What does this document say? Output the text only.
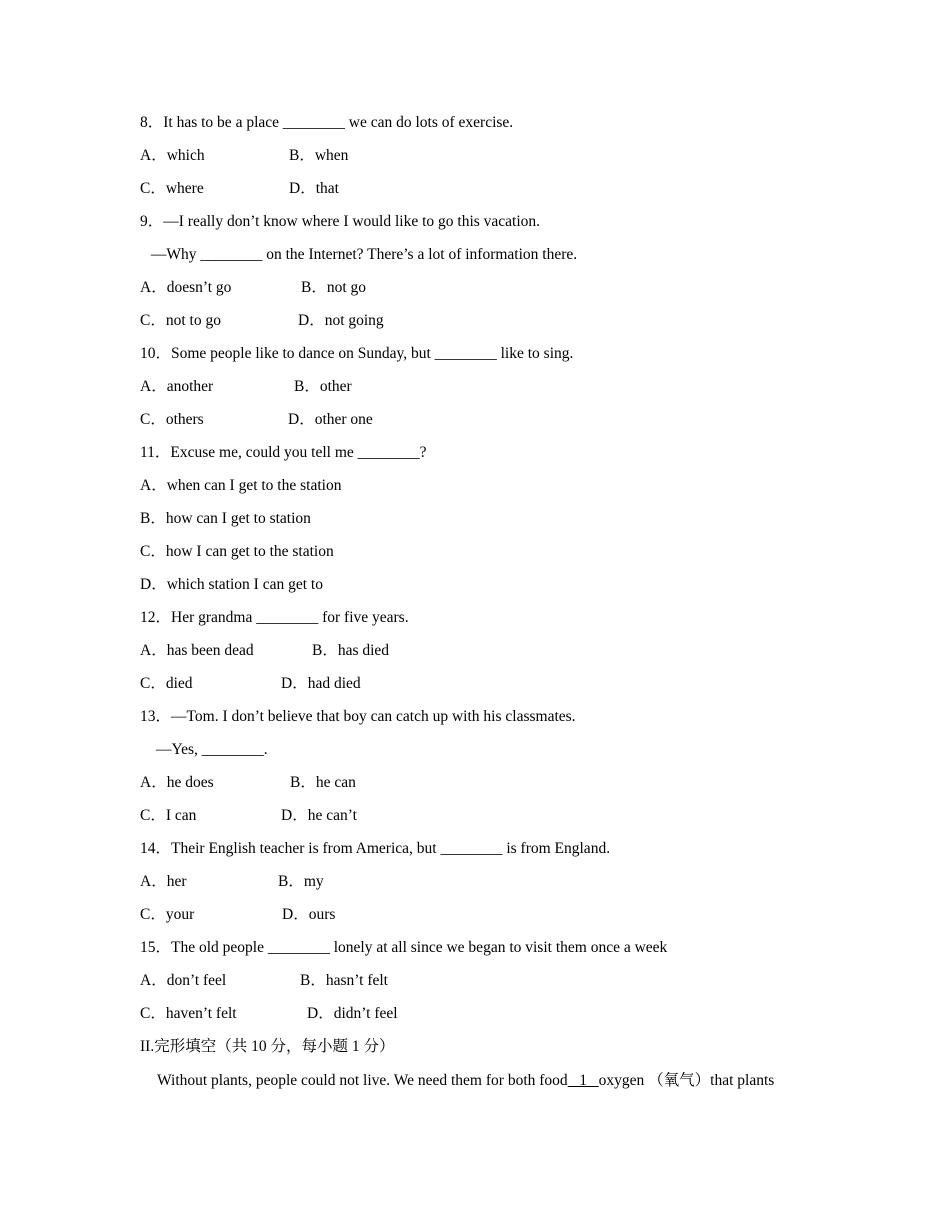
8．It has to be a place ________ we can do lots of exercise.
A．which	B．when
C．where	D．that
9．—I really don’t know where I would like to go this vacation.
—Why ________ on the Internet? There’s a lot of information there.
A．doesn’t go	B．not go
C．not to go	D．not going
10．Some people like to dance on Sunday, but ________ like to sing.
A．another	B．other
C．others	D．other one
11．Excuse me, could you tell me ________?
A．when can I get to the station
B．how can I get to station
C．how I can get to the station
D．which station I can get to
12．Her grandma ________ for five years.
A．has been dead	B．has died
C．died	D．had died
13．—Tom. I don’t believe that boy can catch up with his classmates.
—Yes, ________.
A．he does	B．he can
C．I can	D．he can’t
14．Their English teacher is from America, but ________ is from England.
A．her	B．my
C．your	D．ours
15．The old people ________ lonely at all since we began to visit them once a week
A．don’t feel	B．hasn’t felt
C．haven’t felt	D．didn’t feel
II.完形填空（共 10 分，每小题 1 分）
Without plants, people could not live. We need them for both food   1   oxygen （氧气）that plants
